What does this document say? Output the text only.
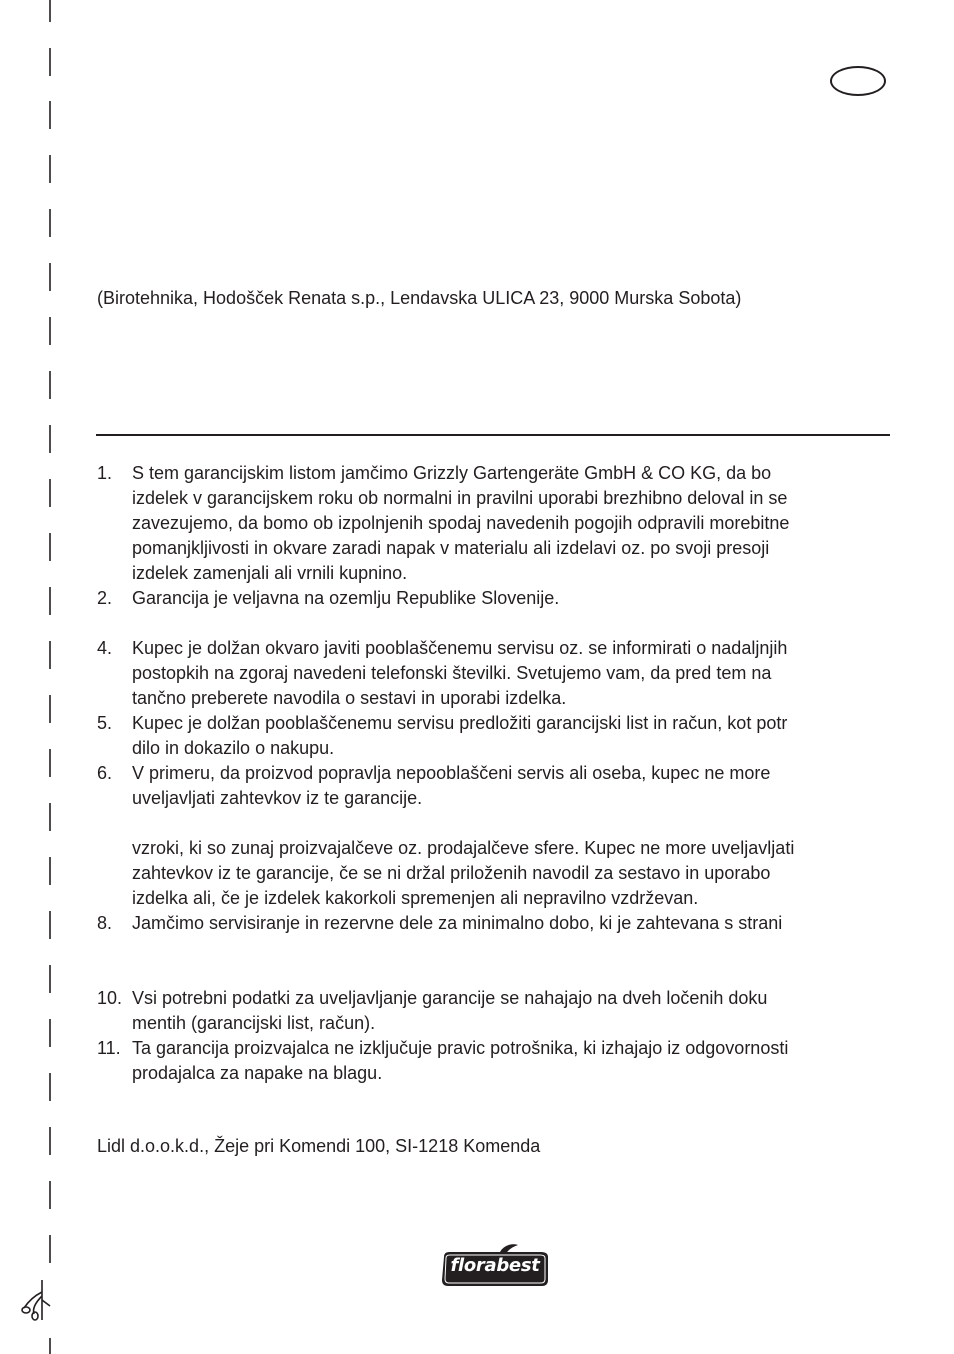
(Birotehnika, Hodošček Renata s.p., Lendavska ULICA 23, 9000 Murska Sobota)
1.	S tem garancijskim listom jamčimo Grizzly Gartengeräte GmbH & CO KG, da bo
izdelek v garancijskem roku ob normalni in pravilni uporabi brezhibno deloval in se
zavezujemo, da bomo ob izpolnjenih spodaj navedenih pogojih odpravili morebitne
pomanjkljivosti in okvare zaradi napak v materialu ali izdelavi oz. po svoji presoji
izdelek zamenjali ali vrnili kupnino.
2.	Garancija je veljavna na ozemlju Republike Slovenije.
4.	Kupec je dolžan okvaro javiti pooblaščenemu servisu oz. se informirati o nadaljnjih
postopkih na zgoraj navedeni telefonski številki. Svetujemo vam, da pred tem na
tančno preberete navodila o sestavi in uporabi izdelka.
5.	Kupec je dolžan pooblaščenemu servisu predložiti garancijski list in račun, kot potr
dilo in dokazilo o nakupu.
6.	V primeru, da proizvod popravlja nepooblaščeni servis ali oseba, kupec ne more
uveljavljati zahtevkov iz te garancije.
vzroki, ki so zunaj proizvajalčeve oz. prodajalčeve sfere. Kupec ne more uveljavljati
zahtevkov iz te garancije, če se ni držal priloženih navodil za sestavo in uporabo
izdelka ali, če je izdelek kakorkoli spremenjen ali nepravilno vzdrževan.
8.	Jamčimo servisiranje in rezervne dele za minimalno dobo, ki je zahtevana s strani
10. Vsi potrebni podatki za uveljavljanje garancije se nahajajo na dveh ločenih doku
mentih (garancijski list, račun).
11. Ta garancija proizvajalca ne izključuje pravic potrošnika, ki izhajajo iz odgovornosti
prodajalca za napake na blagu.
Lidl d.o.o.k.d., Žeje pri Komendi 100, SI-1218 Komenda
florabest
